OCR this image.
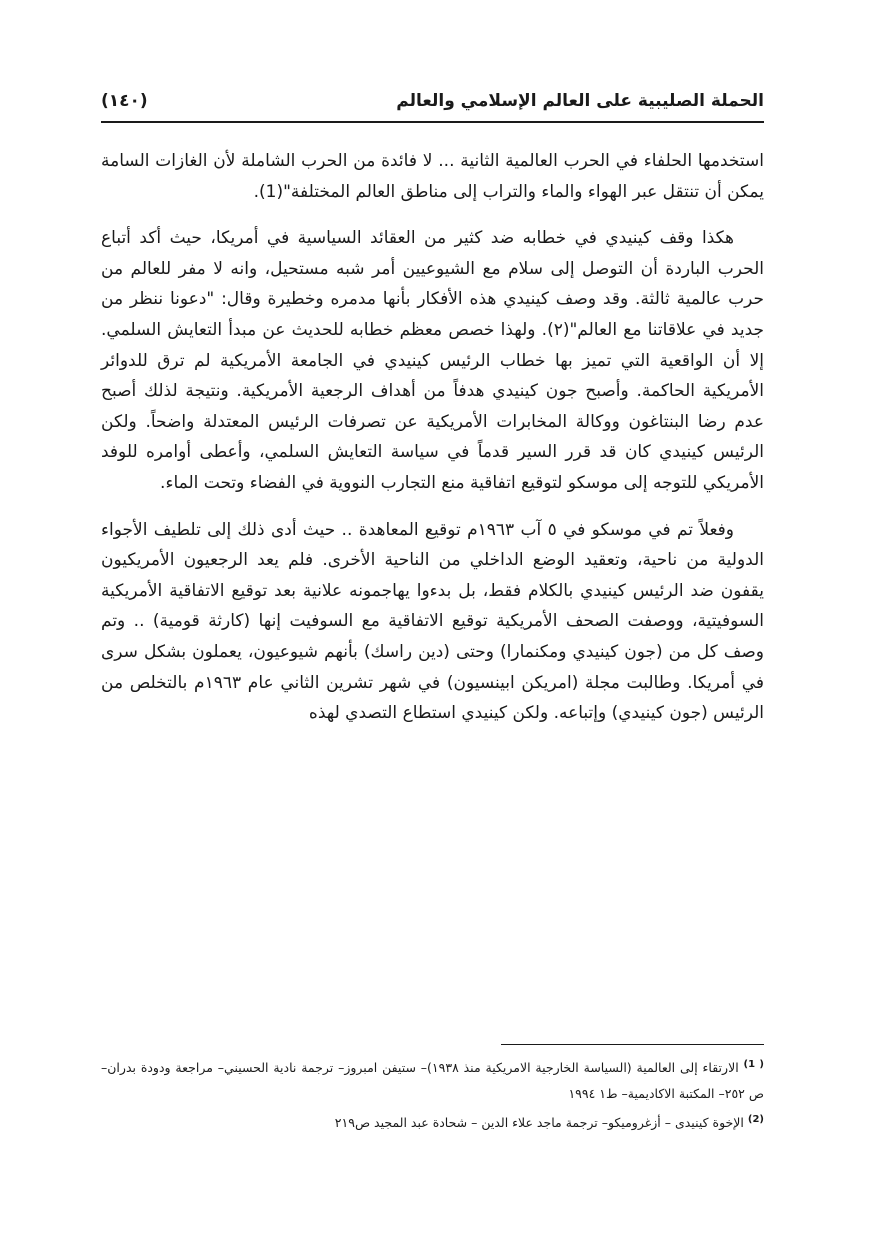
الحملة الصليبية على العالم الإسلامي والعالم
(١٤٠)

استخدمها الحلفاء في الحرب العالمية الثانية ... لا فائدة من الحرب الشاملة لأن الغازات السامة يمكن أن تنتقل عبر الهواء والماء والتراب إلى مناطق العالم المختلفة"(1).

هكذا وقف كينيدي في خطابه ضد كثير من العقائد السياسية في أمريكا، حيث أكد أتباع الحرب الباردة أن التوصل إلى سلام مع الشيوعيين أمر شبه مستحيل، وانه لا مفر للعالم من حرب عالمية ثالثة. وقد وصف كينيدي هذه الأفكار بأنها مدمره وخطيرة وقال: "دعونا ننظر من جديد في علاقاتنا مع العالم"(٢). ولهذا خصص معظم خطابه للحديث عن مبدأ التعايش السلمي. إلا أن الواقعية التي تميز بها خطاب الرئيس كينيدي في الجامعة الأمريكية لم ترق للدوائر الأمريكية الحاكمة. وأصبح جون كينيدي هدفاً من أهداف الرجعية الأمريكية. ونتيجة لذلك أصبح عدم رضا البنتاغون ووكالة المخابرات الأمريكية عن تصرفات الرئيس المعتدلة واضحاً. ولكن الرئيس كينيدي كان قد قرر السير قدماً في سياسة التعايش السلمي، وأعطى أوامره للوفد الأمريكي للتوجه إلى موسكو لتوقيع اتفاقية منع التجارب النووية في الفضاء وتحت الماء.

وفعلاً تم في موسكو في ٥ آب ١٩٦٣م توقيع المعاهدة .. حيث أدى ذلك إلى تلطيف الأجواء الدولية من ناحية، وتعقيد الوضع الداخلي من الناحية الأخرى. فلم يعد الرجعيون الأمريكيون يقفون ضد الرئيس كينيدي بالكلام فقط، بل بدءوا يهاجمونه علانية بعد توقيع الاتفاقية الأمريكية السوفيتية، ووصفت الصحف الأمريكية توقيع الاتفاقية مع السوفيت إنها (كارثة قومية) .. وتم وصف كل من (جون كينيدي ومكنمارا) وحتى (دين راسك) بأنهم شيوعيون، يعملون بشكل سرى في أمريكا. وطالبت مجلة (امريكن ابينسيون) في شهر تشرين الثاني عام ١٩٦٣م بالتخلص من الرئيس (جون كينيدي) وإتباعه. ولكن كينيدي استطاع التصدي لهذه

$^{( 1)}$ الارتقاء إلى العالمية (السياسة الخارجية الامريكية منذ ١٩٣٨)– ستيفن امبروز– ترجمة نادية الحسيني– مراجعة ودودة بدران– ص ٢٥٢– المكتبة الاكاديمية– ط١ ١٩٩٤

$^{(2)}$ الإخوة كينيدى – أزغروميكو– ترجمة ماجد علاء الدين – شحادة عبد المجيد ص٢١٩
